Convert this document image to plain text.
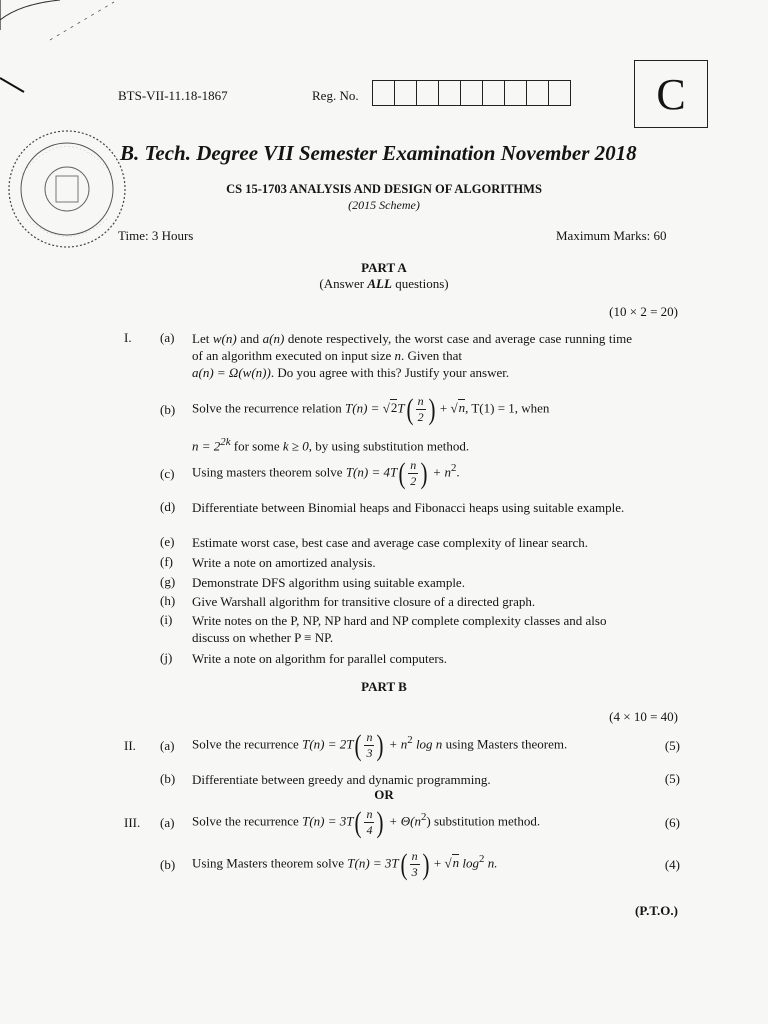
BTS-VII-11.18-1867	Reg. No.	C
B. Tech. Degree VII Semester Examination November 2018
CS 15-1703 ANALYSIS AND DESIGN OF ALGORITHMS
(2015 Scheme)
Time: 3 Hours	Maximum Marks: 60
PART A
(Answer ALL questions)
(10 × 2 = 20)
I. (a) Let w(n) and a(n) denote respectively, the worst case and average case running time of an algorithm executed on input size n. Given that
a(n) = Ω(w(n)). Do you agree with this? Justify your answer.
(b) Solve the recurrence relation $T(n) = √2T( \frac{n}{2}$ ) + √n, T(1) = 1, when
$n = 2^{2k}$ for some k ≥ 0, by using substitution method.
(c) Using masters theorem solve $T(n) = 4T( \frac{n}{2}$ ) + $n^2$.
(d) Differentiate between Binomial heaps and Fibonacci heaps using suitable example.
(e) Estimate worst case, best case and average case complexity of linear search.
(f) Write a note on amortized analysis.
(g) Demonstrate DFS algorithm using suitable example.
(h) Give Warshall algorithm for transitive closure of a directed graph.
(i) Write notes on the P, NP, NP hard and NP complete complexity classes and also discuss on whether P ≡ NP.
(j) Write a note on algorithm for parallel computers.
PART B
(4 × 10 = 40)
II. (a) Solve the recurrence $T(n) = 2T( \frac{n}{3}$ ) + $n^2$ log n using Masters theorem.	(5)
(b) Differentiate between greedy and dynamic programming.	(5)
OR
III. (a) Solve the recurrence $T(n) = 3T( \frac{n}{4}$ ) + $\Theta(n^2)$ substitution method.	(6)
(b) Using Masters theorem solve $T(n) = 3T( \frac{n}{3}$ ) + √n $\log^2 n$.	(4)
(P.T.O.)
